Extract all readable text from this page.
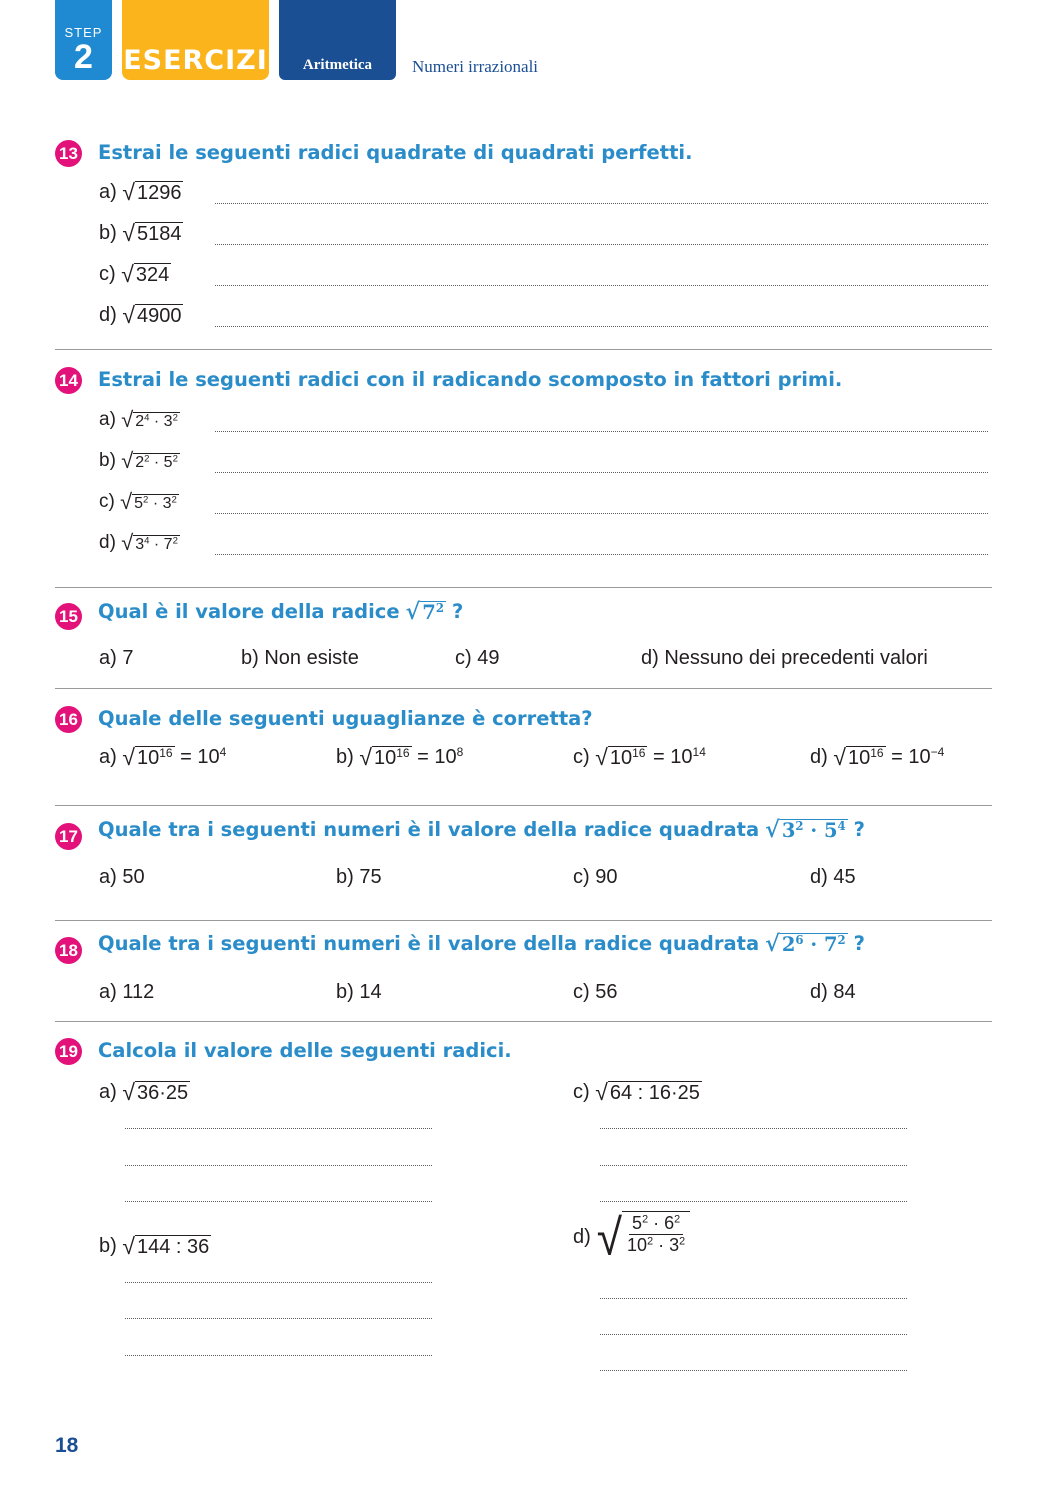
STEP
2	ESERCIZI	Aritmetica	Numeri irrazionali
13 Estrai le seguenti radici quadrate di quadrati perfetti.
a) √ 1296
b) √ 5184
c) √ 324
d) √ 4900
14 Estrai le seguenti radici con il radicando scomposto in fattori primi.
a) √ $2^4 \cdot 3^2$
b) √ $2^2 \cdot 5^2$
c) √ $5^2 \cdot 3^2$
d) √ $3^4 \cdot 7^2$
15 Qual è il valore della radice √ $7^2$ ?
a) 7	b) Non esiste	c) 49	d) Nessuno dei precedenti valori
16 Quale delle seguenti uguaglianze è corretta?
a) √ $10^{16} = 10^4$	b) √ $10^{16} = 10^8$	c) √ $10^{16} = 10^{14}$	d) √ $10^{16} = 10^{-4}$
17 Quale tra i seguenti numeri è il valore della radice quadrata √ $3^2 \cdot 5^4$ ?
a) 50	b) 75	c) 90	d) 45
18 Quale tra i seguenti numeri è il valore della radice quadrata √ $2^6 \cdot 7^2$ ?
a) 112	b) 14	c) 56	d) 84
19 Calcola il valore delle seguenti radici.
a) √ 36·25
b) √ 144 : 36
c) √ 64 : 16·25
d) √ $\frac{5^2 \cdot 6^2}{10^2 \cdot 3^2}$
18
